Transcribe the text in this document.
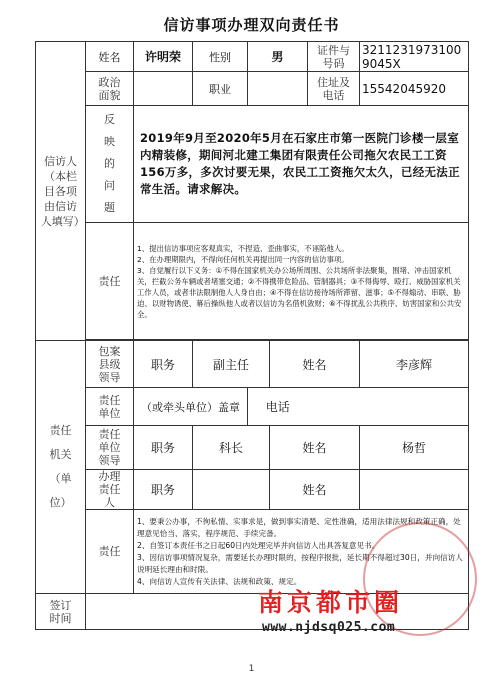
信访事项办理双向责任书
信访人（本栏目各项由信访人填写）	姓名	许明荣	性别	男		证件与号码	32112319731009045X

	政治面貌		职业			住址及电话	15542045920

	反映的问题	2019年9月至2020年5月在石家庄市第一医院门诊楼一层室内精装修，期间河北建工集团有限责任公司拖欠农民工工资156万多，多次讨要无果，农民工工资拖欠太久，已经无法正常生活。请求解决。					
	责任	1、提出信访事项应客观真实，不捏造、歪曲事实，不诬陷他人。
2、在办理期限内，不得向任何机关再提出同一内容的信访事项。
3、自觉履行以下义务：①不得在国家机关办公场所周围、公共场所非法聚集，围堵、冲击国家机关，拦截公务车辆或者堵塞交通；②不得携带危险品、管制器具；③不得侮辱、殴打、威胁国家机关工作人员，或者非法限制他人人身自由；④不得在信访接待场所滞留、滋事；⑤不得煽动、串联、胁迫、以财物诱使、幕后操纵他人或者以信访为名借机敛财；⑥不得扰乱公共秩序、妨害国家和公共安全。					

责任机关（单位）	包案县级领导	职务	副主任		姓名		李彦辉

	责任单位	（或牵头单位）盖章		电话			

	责任单位领导	职务	科长		姓名		杨哲

	办理责任人	职务			姓名		
	责任	1、要秉公办事，不徇私情、实事求是，做到事实清楚、定性准确，适用法律法规和政策正确，处理意见恰当、落实，程序规范、手续完备。
2、自签订本责任书之日起60日内处理完毕并向信访人出具答复意见书。
3、因信访事项情况复杂，需要延长办理时限的，按程序报批，延长期不得超过30日，并向信访人说明延长理由和时限。
4、向信访人宣传有关法律、法规和政策、规定。					

签订时间							

南京都市圈
www.njdsq025.com
1
